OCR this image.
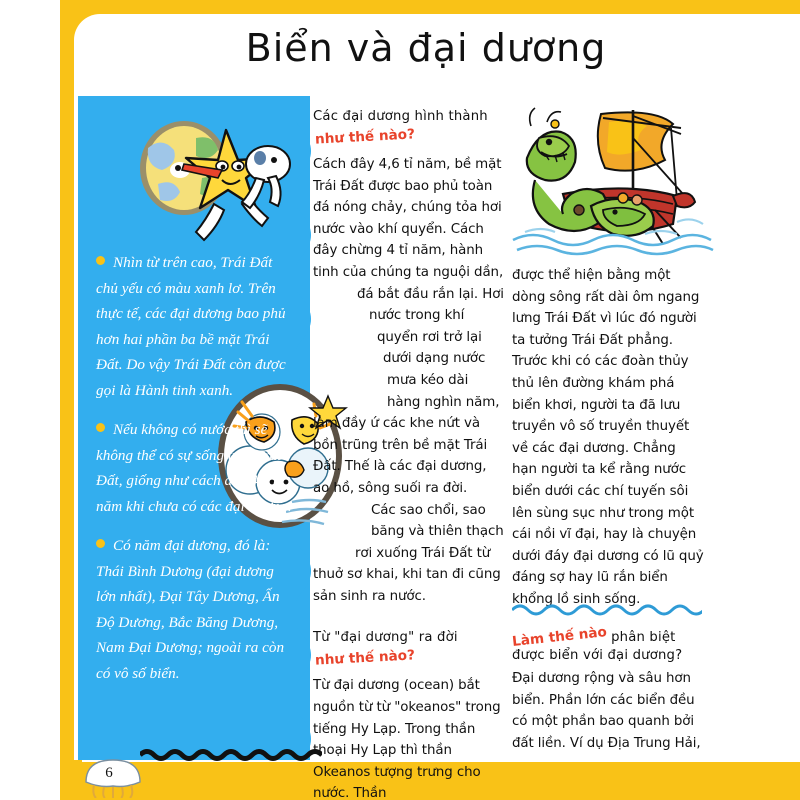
Biển và đại dương

Nhìn từ trên cao, Trái Đất chủ yếu có màu xanh lơ. Trên thực tế, các đại dương bao phủ hơn hai phần ba bề mặt Trái Đất. Do vậy Trái Đất còn được gọi là Hành tinh xanh.

Nếu không có nước thì sẽ không thể có sự sống trên Trái Đất, giống như cách đây 4,6 tỉ năm khi chưa có các đại dương.

Có năm đại dương, đó là: Thái Bình Dương (đại dương lớn nhất), Đại Tây Dương, Ấn Độ Dương, Bắc Băng Dương, Nam Đại Dương; ngoài ra còn có vô số biển.

Các đại dương hình thành
như thế nào?

Cách đây 4,6 tỉ năm, bề mặt Trái Đất được bao phủ toàn đá nóng chảy, chúng tỏa hơi nước vào khí quyển. Cách đây chừng 4 tỉ năm, hành tinh của chúng ta nguội dần, đá bắt đầu rắn lại. Hơi nước trong khí quyển rơi trở lại dưới dạng nước mưa kéo dài hàng nghìn năm, làm đầy ứ các khe nứt và bồn trũng trên bề mặt Trái Đất. Thế là các đại dương, ao hồ, sông suối ra đời.

Các sao chổi, sao băng và thiên thạch rơi xuống Trái Đất từ thuở sơ khai, khi tan đi cũng sản sinh ra nước.

Từ "đại dương" ra đời
như thế nào?

Từ đại dương (ocean) bắt nguồn từ từ "okeanos" trong tiếng Hy Lạp. Trong thần thoại Hy Lạp thì thần Okeanos tượng trưng cho nước. Thần

được thể hiện bằng một dòng sông rất dài ôm ngang lưng Trái Đất vì lúc đó người ta tưởng Trái Đất phẳng. Trước khi có các đoàn thủy thủ lên đường khám phá biển khơi, người ta đã lưu truyền vô số truyền thuyết về các đại dương. Chẳng hạn người ta kể rằng nước biển dưới các chí tuyến sôi lên sùng sục như trong một cái nồi vĩ đại, hay là chuyện dưới đáy đại dương có lũ quỷ đáng sợ hay lũ rắn biển khổng lồ sinh sống.

Làm thế nào phân biệt được biển với đại dương?

Đại dương rộng và sâu hơn biển. Phần lớn các biển đều có một phần bao quanh bởi đất liền. Ví dụ Địa Trung Hải,

6
